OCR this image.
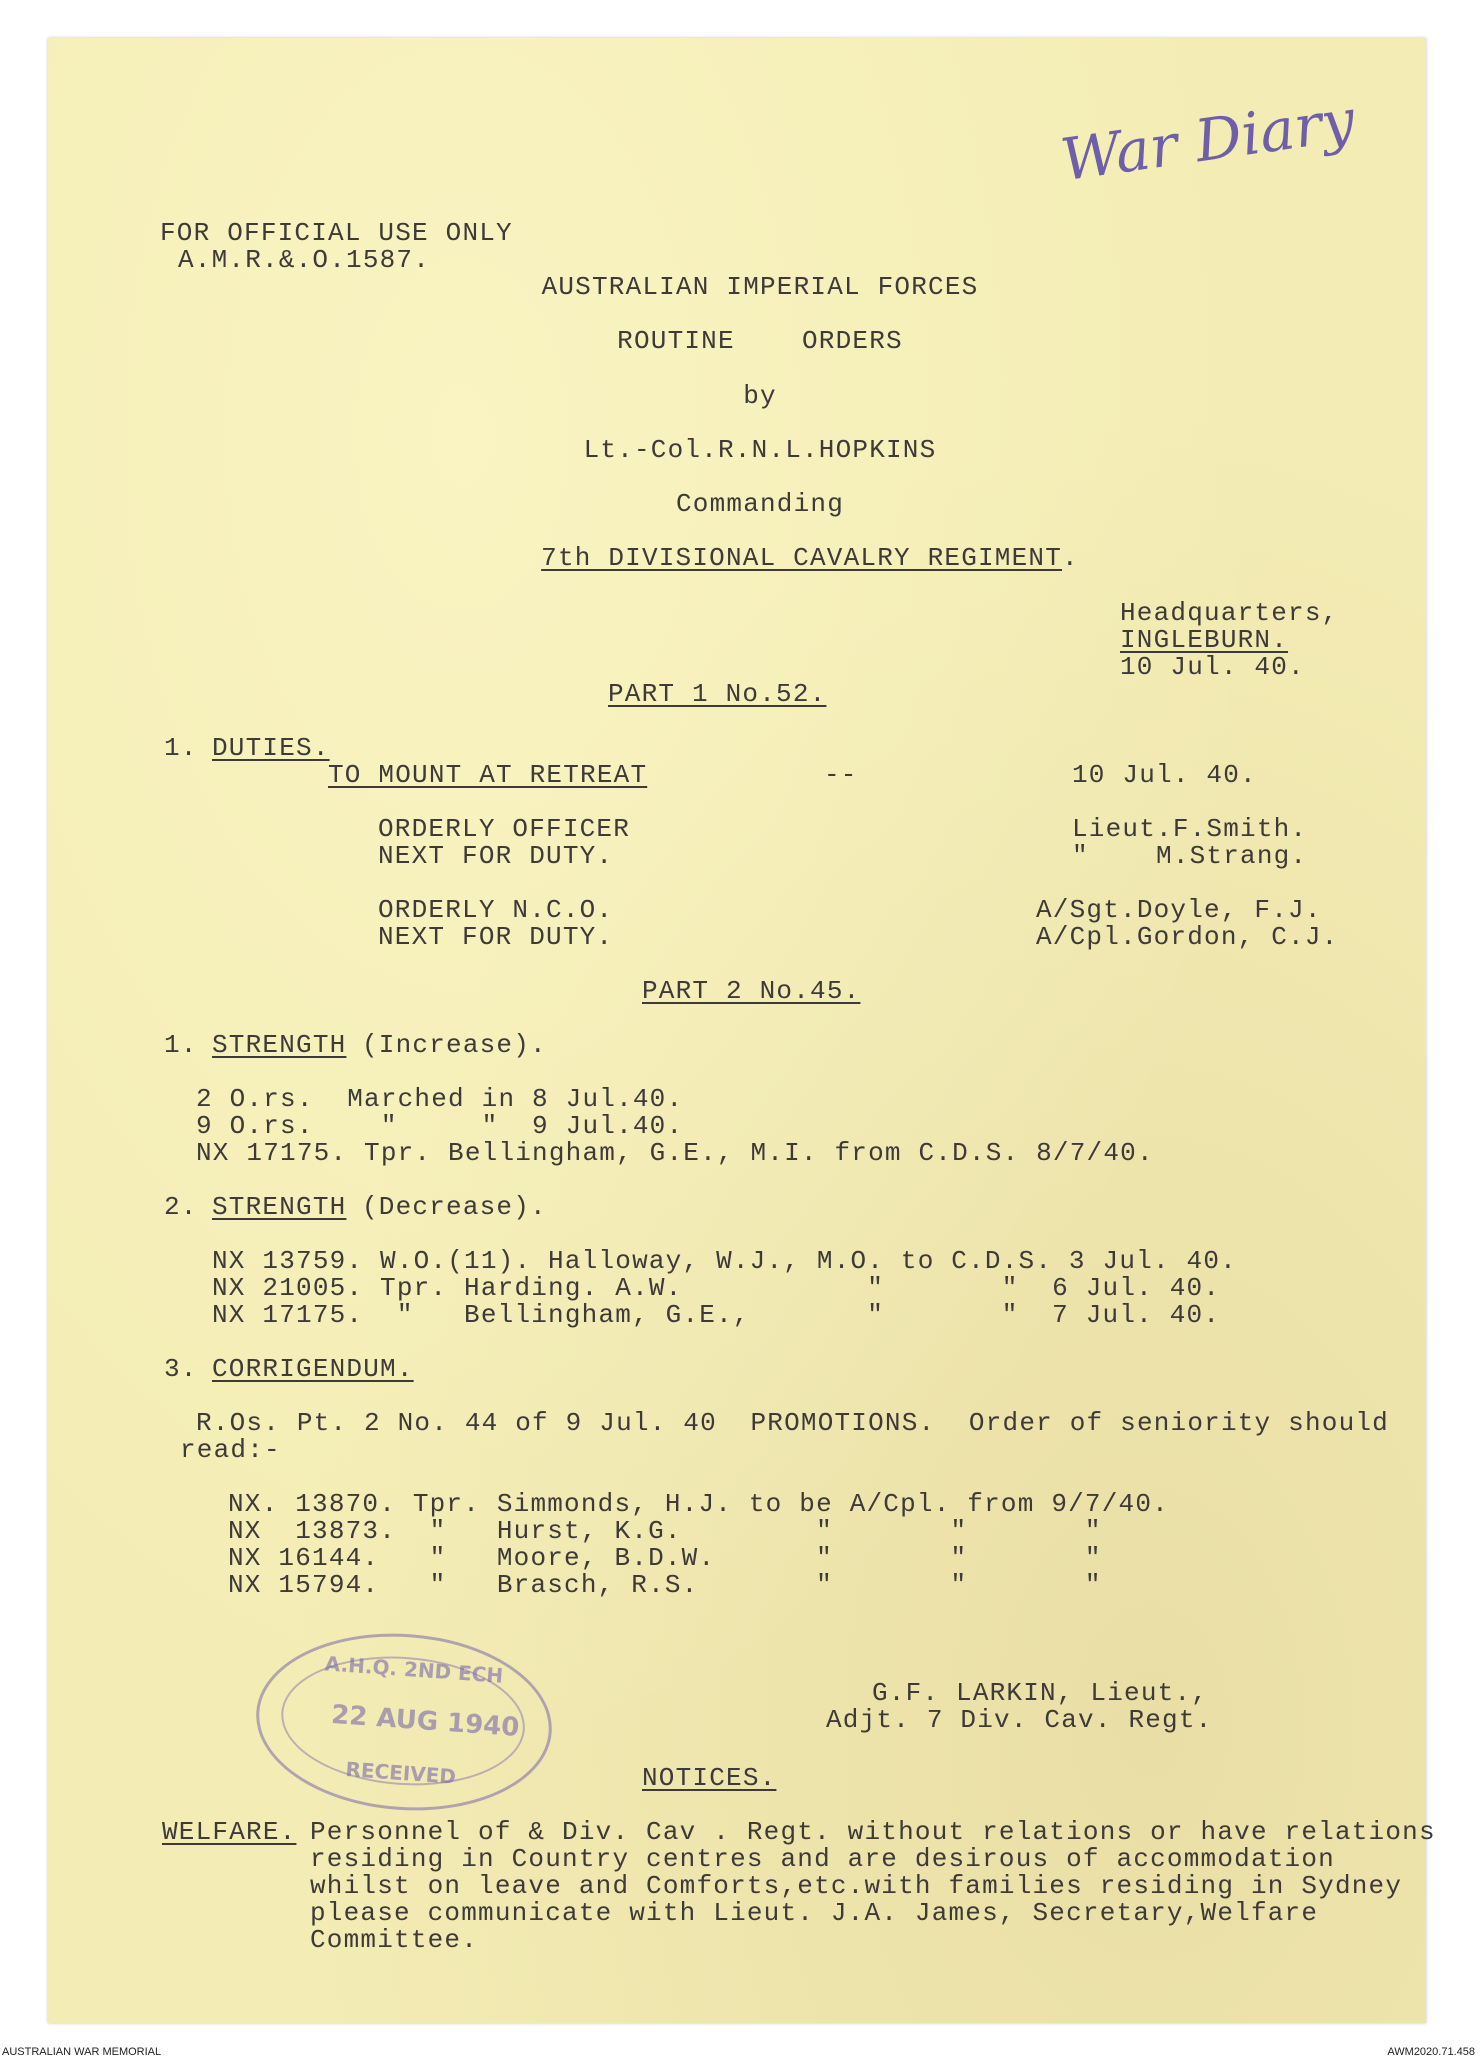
War Diary
FOR OFFICIAL USE ONLY
A.M.R.&.O.1587.
AUSTRALIAN IMPERIAL FORCES
ROUTINE    ORDERS
by
Lt.-Col.R.N.L.HOPKINS
Commanding
7th DIVISIONAL CAVALRY REGIMENT.
Headquarters,
INGLEBURN.
10 Jul. 40.
PART 1 No.52.
1. DUTIES.
TO MOUNT AT RETREAT	--	10 Jul. 40.
ORDERLY OFFICER	Lieut.F.Smith.
NEXT FOR DUTY.	"    M.Strang.
ORDERLY N.C.O.	A/Sgt.Doyle, F.J.
NEXT FOR DUTY.	A/Cpl.Gordon, C.J.
PART 2 No.45.
1. STRENGTH (Increase).
2 O.rs.  Marched in 8 Jul.40.
9 O.rs.    "     "  9 Jul.40.
NX 17175. Tpr. Bellingham, G.E., M.I. from C.D.S. 8/7/40.
2. STRENGTH (Decrease).
NX 13759. W.O.(11). Halloway, W.J., M.O. to C.D.S. 3 Jul. 40.
NX 21005. Tpr. Harding. A.W.           "       "  6 Jul. 40.
NX 17175.  "   Bellingham, G.E.,       "       "  7 Jul. 40.
3. CORRIGENDUM.
R.Os. Pt. 2 No. 44 of 9 Jul. 40  PROMOTIONS.  Order of seniority should
read:-
NX. 13870. Tpr. Simmonds, H.J. to be A/Cpl. from 9/7/40.
NX  13873.  "   Hurst, K.G.        "       "       "
NX 16144.   "   Moore, B.D.W.      "       "       "
NX 15794.   "   Brasch, R.S.       "       "       "
A.H.Q. 2ND ECH
22 AUG 1940
RECEIVED
G.F. LARKIN, Lieut.,
Adjt. 7 Div. Cav. Regt.
NOTICES.
WELFARE. Personnel of & Div. Cav . Regt. without relations or have relations
residing in Country centres and are desirous of accommodation
whilst on leave and Comforts,etc.with families residing in Sydney
please communicate with Lieut. J.A. James, Secretary,Welfare
Committee.
AUSTRALIAN WAR MEMORIAL	AWM2020.71.458
